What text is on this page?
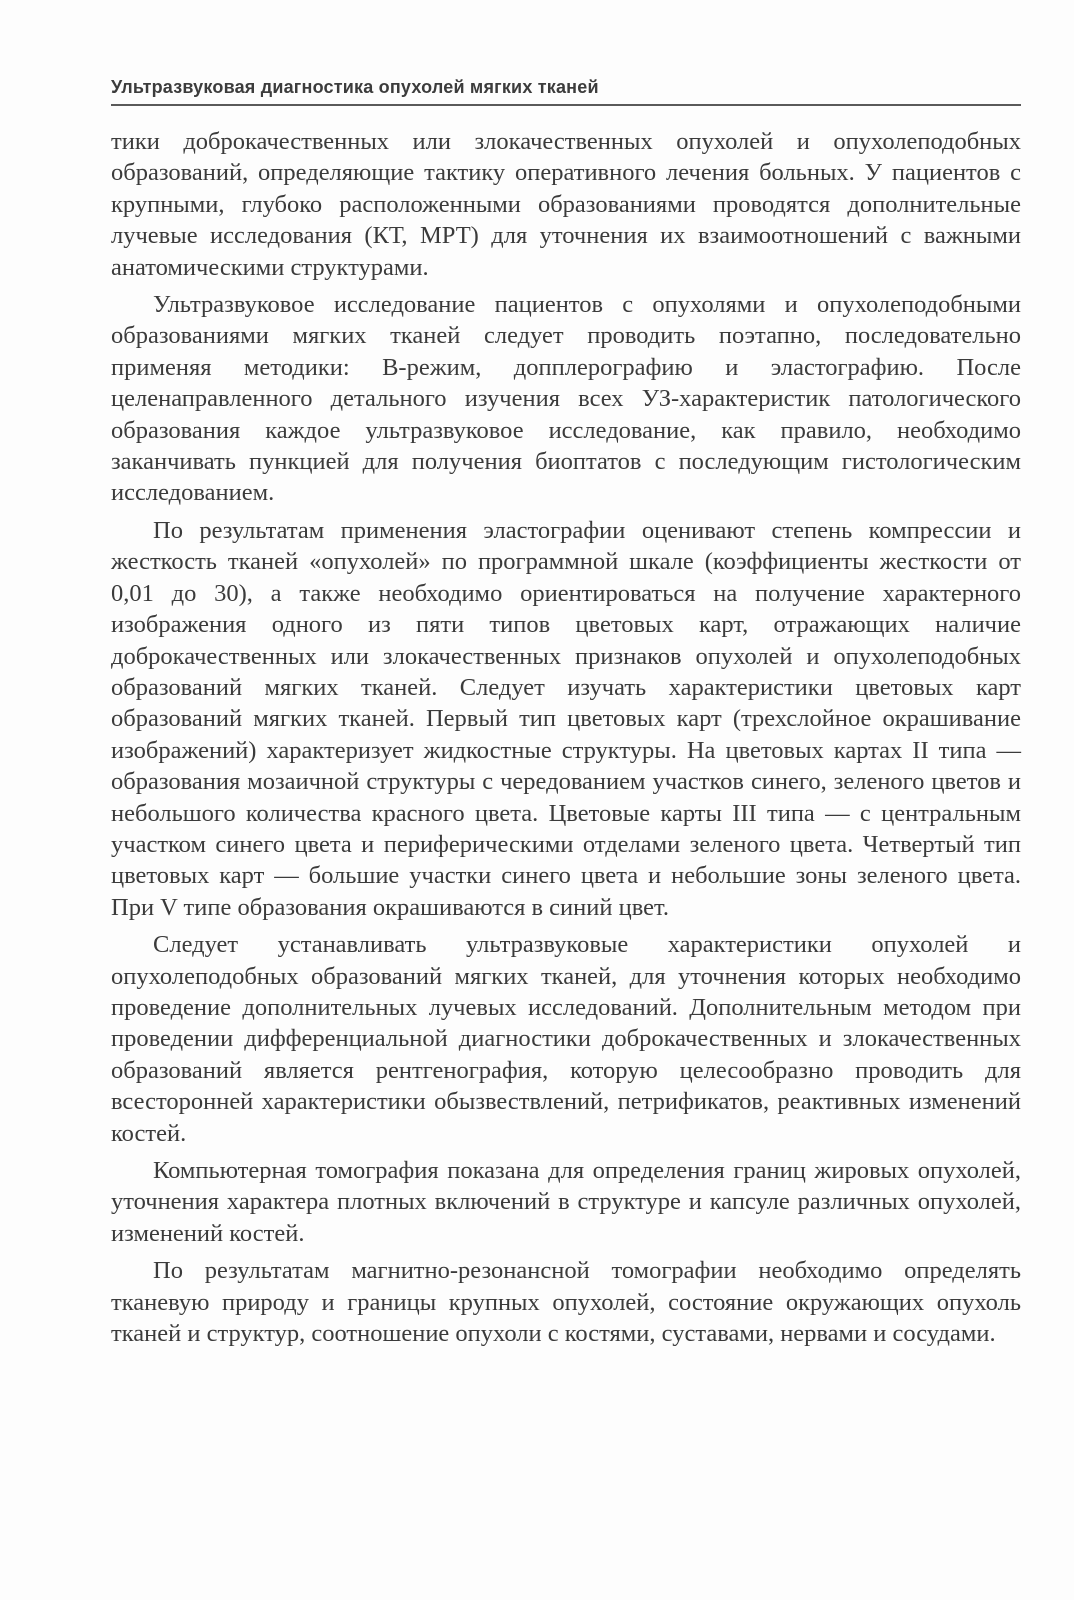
Ультразвуковая диагностика опухолей мягких тканей

тики доброкачественных или злокачественных опухолей и опухолеподобных образований, определяющие тактику оперативного лечения больных. У пациентов с крупными, глубоко расположенными образованиями проводятся дополнительные лучевые исследования (КТ, МРТ) для уточнения их взаимоотношений с важными анатомическими структурами.

Ультразвуковое исследование пациентов с опухолями и опухолеподобными образованиями мягких тканей следует проводить поэтапно, последовательно применяя методики: В-режим, допплерографию и эластографию. После целенаправленного детального изучения всех УЗ-характеристик патологического образования каждое ультразвуковое исследование, как правило, необходимо заканчивать пункцией для получения биоптатов с последующим гистологическим исследованием.

По результатам применения эластографии оценивают степень компрессии и жесткость тканей «опухолей» по программной шкале (коэффициенты жесткости от 0,01 до 30), а также необходимо ориентироваться на получение характерного изображения одного из пяти типов цветовых карт, отражающих наличие доброкачественных или злокачественных признаков опухолей и опухолеподобных образований мягких тканей. Следует изучать характеристики цветовых карт образований мягких тканей. Первый тип цветовых карт (трехслойное окрашивание изображений) характеризует жидкостные структуры. На цветовых картах II типа — образования мозаичной структуры с чередованием участков синего, зеленого цветов и небольшого количества красного цвета. Цветовые карты III типа — с центральным участком синего цвета и периферическими отделами зеленого цвета. Четвертый тип цветовых карт — большие участки синего цвета и небольшие зоны зеленого цвета. При V типе образования окрашиваются в синий цвет.

Следует устанавливать ультразвуковые характеристики опухолей и опухолеподобных образований мягких тканей, для уточнения которых необходимо проведение дополнительных лучевых исследований. Дополнительным методом при проведении дифференциальной диагностики доброкачественных и злокачественных образований является рентгенография, которую целесообразно проводить для всесторонней характеристики обызвествлений, петрификатов, реактивных изменений костей.

Компьютерная томография показана для определения границ жировых опухолей, уточнения характера плотных включений в структуре и капсуле различных опухолей, изменений костей.

По результатам магнитно-резонансной томографии необходимо определять тканевую природу и границы крупных опухолей, состояние окружающих опухоль тканей и структур, соотношение опухоли с костями, суставами, нервами и сосудами.
